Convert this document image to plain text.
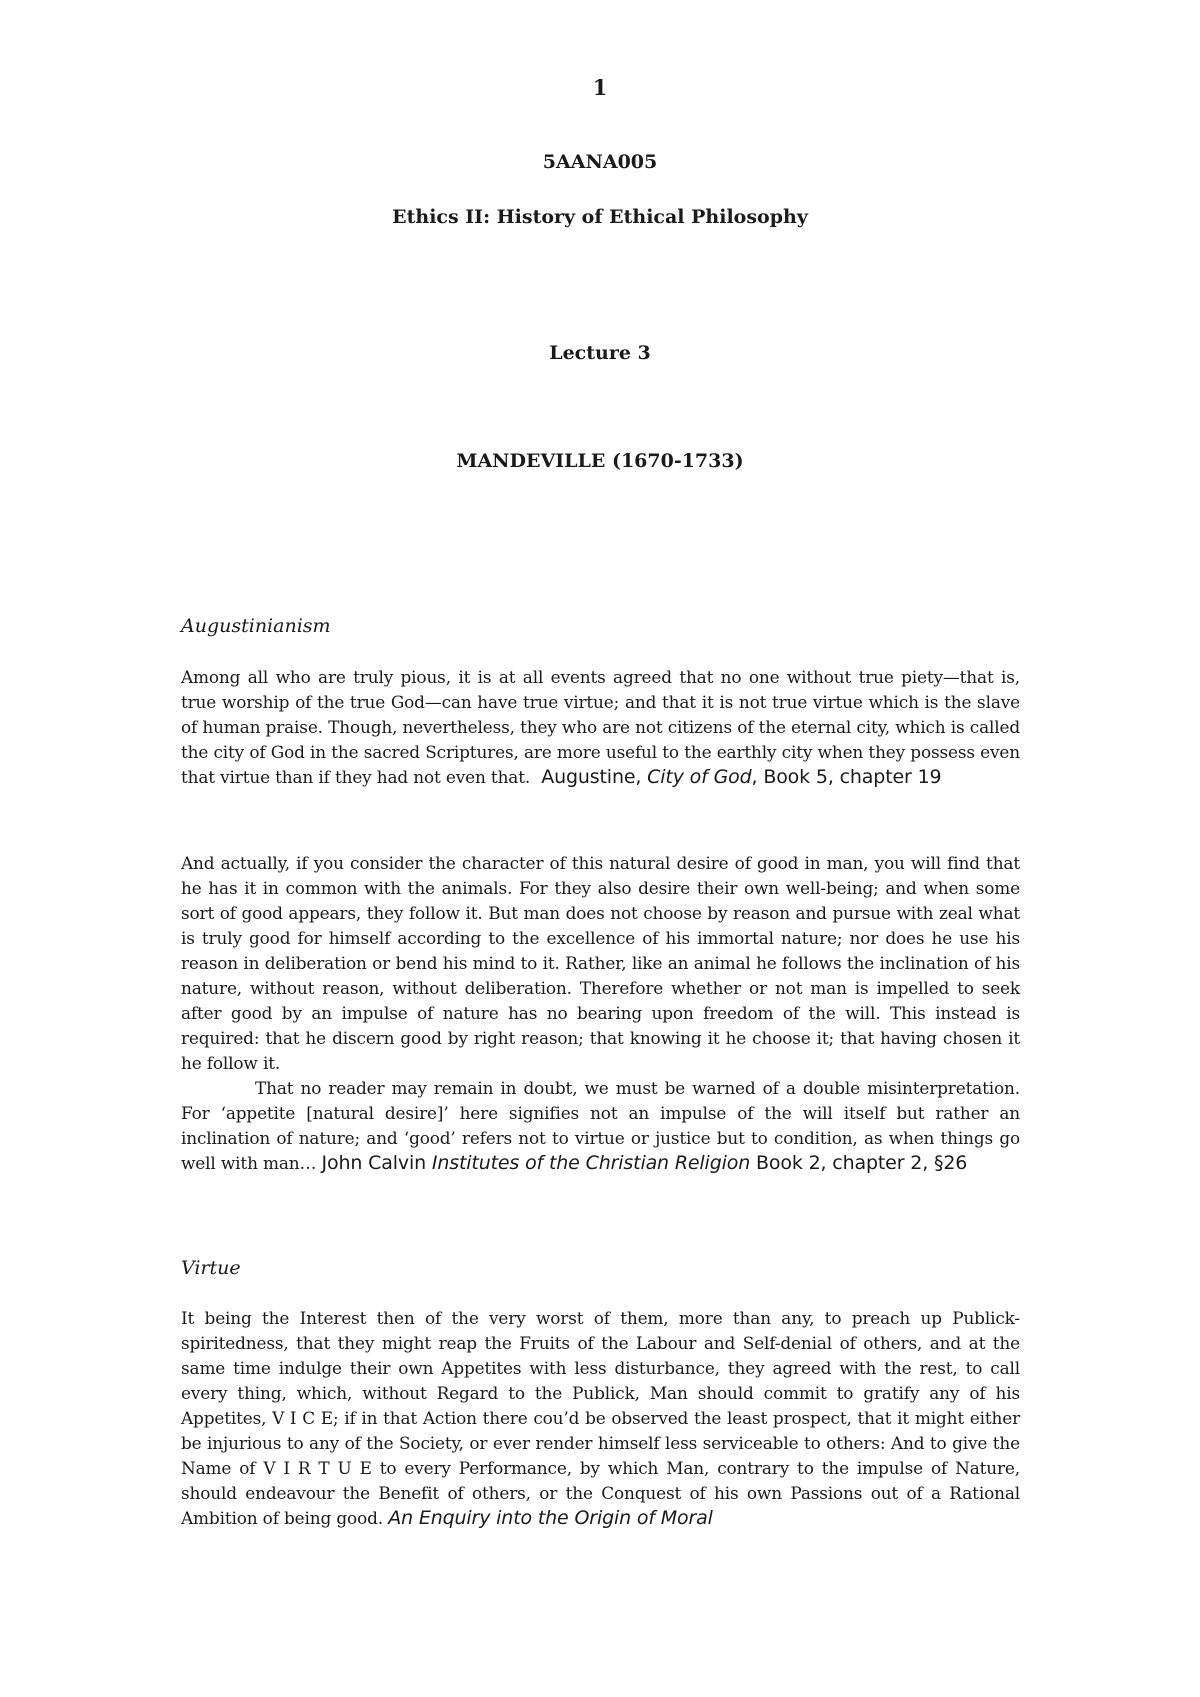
1
5AANA005
Ethics II: History of Ethical Philosophy
Lecture 3
MANDEVILLE (1670-1733)

Augustinianism

Among all who are truly pious, it is at all events agreed that no one without true piety—that is, true worship of the true God—can have true virtue; and that it is not true virtue which is the slave of human praise. Though, nevertheless, they who are not citizens of the eternal city, which is called the city of God in the sacred Scriptures, are more useful to the earthly city when they possess even that virtue than if they had not even that. Augustine, City of God, Book 5, chapter 19

And actually, if you consider the character of this natural desire of good in man, you will find that he has it in common with the animals. For they also desire their own well-being; and when some sort of good appears, they follow it. But man does not choose by reason and pursue with zeal what is truly good for himself according to the excellence of his immortal nature; nor does he use his reason in deliberation or bend his mind to it. Rather, like an animal he follows the inclination of his nature, without reason, without deliberation. Therefore whether or not man is impelled to seek after good by an impulse of nature has no bearing upon freedom of the will. This instead is required: that he discern good by right reason; that knowing it he choose it; that having chosen it he follow it.

That no reader may remain in doubt, we must be warned of a double misinterpretation. For ‘appetite [natural desire]’ here signifies not an impulse of the will itself but rather an inclination of nature; and ‘good’ refers not to virtue or justice but to condition, as when things go well with man… John Calvin Institutes of the Christian Religion Book 2, chapter 2, §26

Virtue

It being the Interest then of the very worst of them, more than any, to preach up Publick-spiritedness, that they might reap the Fruits of the Labour and Self-denial of others, and at the same time indulge their own Appetites with less disturbance, they agreed with the rest, to call every thing, which, without Regard to the Publick, Man should commit to gratify any of his Appetites, V I C E; if in that Action there cou’d be observed the least prospect, that it might either be injurious to any of the Society, or ever render himself less serviceable to others: And to give the Name of V I R T U E to every Performance, by which Man, contrary to the impulse of Nature, should endeavour the Benefit of others, or the Conquest of his own Passions out of a Rational Ambition of being good. An Enquiry into the Origin of Moral
